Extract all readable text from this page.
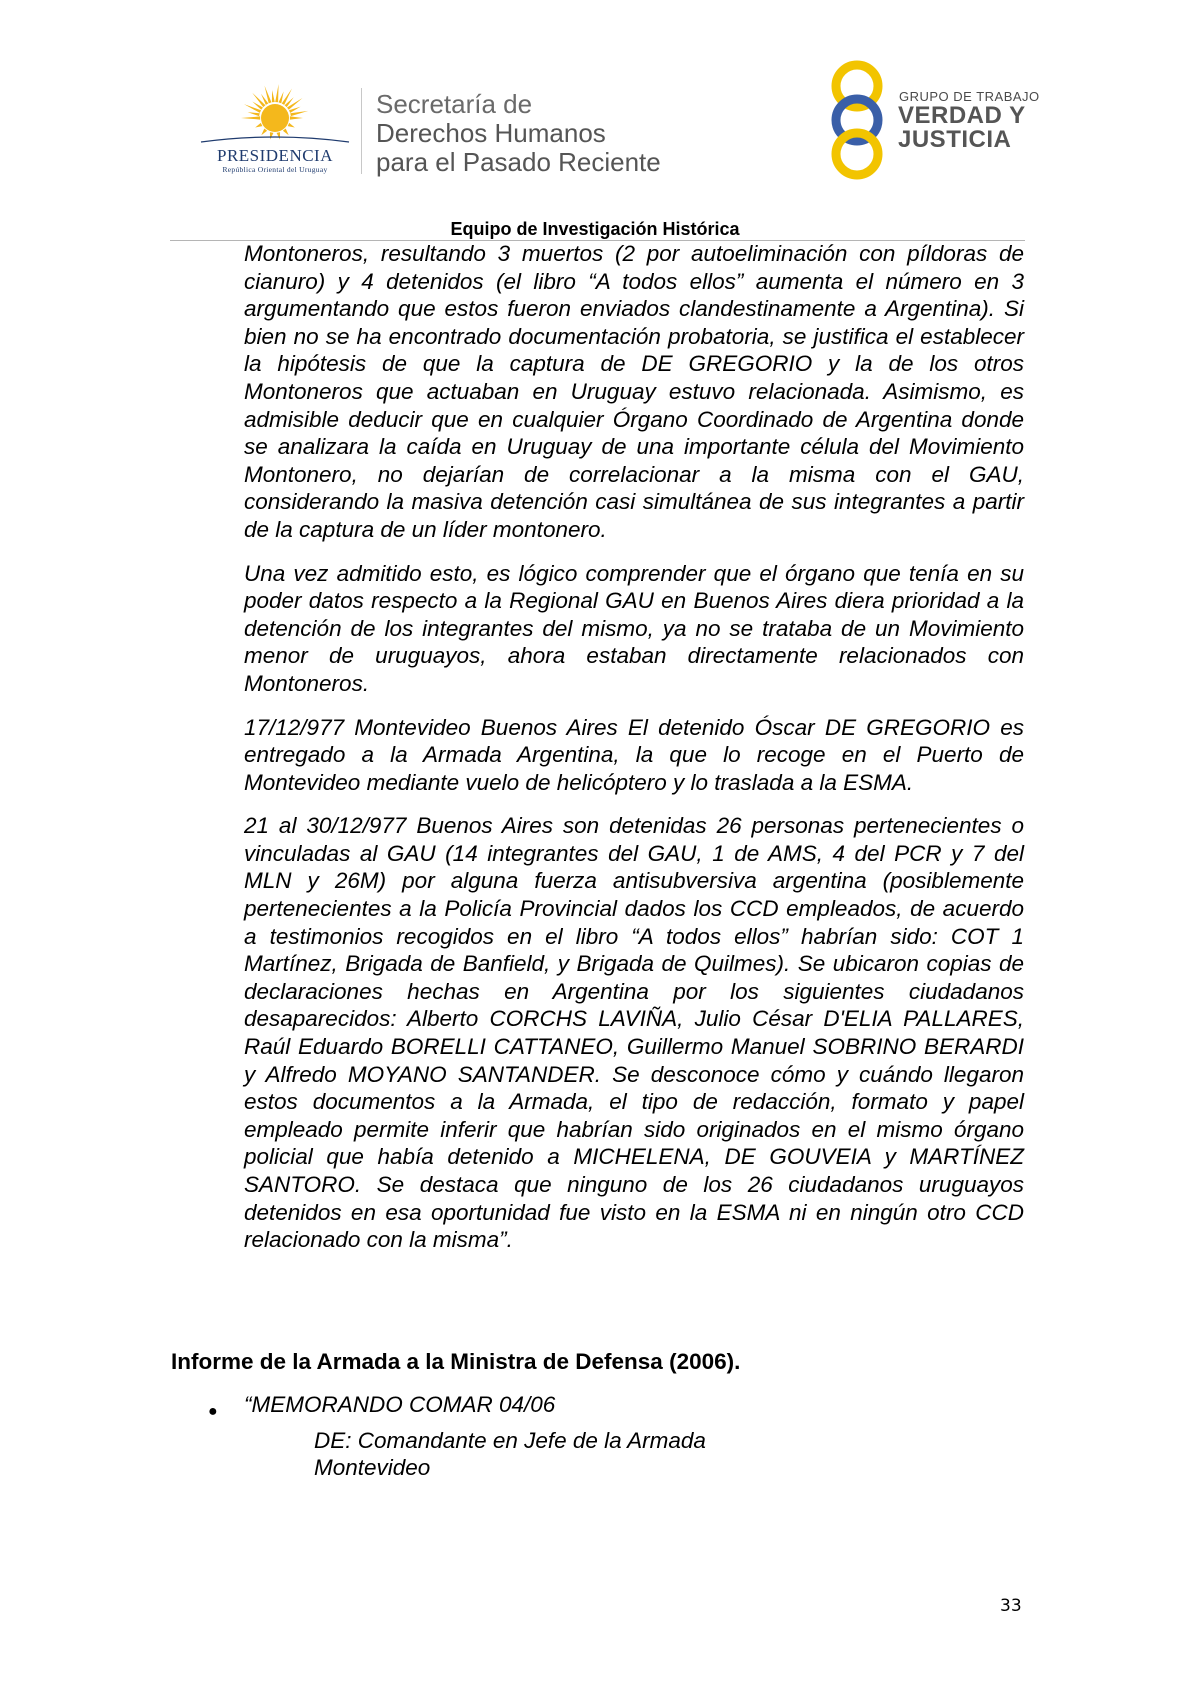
PRESIDENCIA
República Oriental del Uruguay
Secretaría de
Derechos Humanos
para el Pasado Reciente
GRUPO DE TRABAJO
VERDAD Y
JUSTICIA
Equipo de Investigación Histórica

Montoneros, resultando 3 muertos (2 por autoeliminación con píldoras de cianuro) y 4 detenidos (el libro “A todos ellos” aumenta el número en 3 argumentando que estos fueron enviados clandestinamente a Argentina). Si bien no se ha encontrado documentación probatoria, se justifica el establecer la hipótesis de que la captura de DE GREGORIO y la de los otros Montoneros que actuaban en Uruguay estuvo relacionada. Asimismo, es admisible deducir que en cualquier Órgano Coordinado de Argentina donde se analizara la caída en Uruguay de una importante célula del Movimiento Montonero, no dejarían de correlacionar a la misma con el GAU, considerando la masiva detención casi simultánea de sus integrantes a partir de la captura de un líder montonero.

Una vez admitido esto, es lógico comprender que el órgano que tenía en su poder datos respecto a la Regional GAU en Buenos Aires diera prioridad a la detención de los integrantes del mismo, ya no se trataba de un Movimiento menor de uruguayos, ahora estaban directamente relacionados con Montoneros.

17/12/977 Montevideo Buenos Aires El detenido Óscar DE GREGORIO es entregado a la Armada Argentina, la que lo recoge en el Puerto de Montevideo mediante vuelo de helicóptero y lo traslada a la ESMA.

21 al 30/12/977 Buenos Aires son detenidas 26 personas pertenecientes o vinculadas al GAU (14 integrantes del GAU, 1 de AMS, 4 del PCR y 7 del MLN y 26M) por alguna fuerza antisubversiva argentina (posiblemente pertenecientes a la Policía Provincial dados los CCD empleados, de acuerdo a testimonios recogidos en el libro “A todos ellos” habrían sido: COT 1 Martínez, Brigada de Banfield, y Brigada de Quilmes). Se ubicaron copias de declaraciones hechas en Argentina por los siguientes ciudadanos desaparecidos: Alberto CORCHS LAVIÑA, Julio César D'ELIA PALLARES, Raúl Eduardo BORELLI CATTANEO, Guillermo Manuel SOBRINO BERARDI y Alfredo MOYANO SANTANDER. Se desconoce cómo y cuándo llegaron estos documentos a la Armada, el tipo de redacción, formato y papel empleado permite inferir que habrían sido originados en el mismo órgano policial que había detenido a MICHELENA, DE GOUVEIA y MARTÍNEZ SANTORO. Se destaca que ninguno de los 26 ciudadanos uruguayos detenidos en esa oportunidad fue visto en la ESMA ni en ningún otro CCD relacionado con la misma”.

Informe de la Armada a la Ministra de Defensa (2006).
● “MEMORANDO COMAR 04/06
DE: Comandante en Jefe de la Armada
Montevideo
33
